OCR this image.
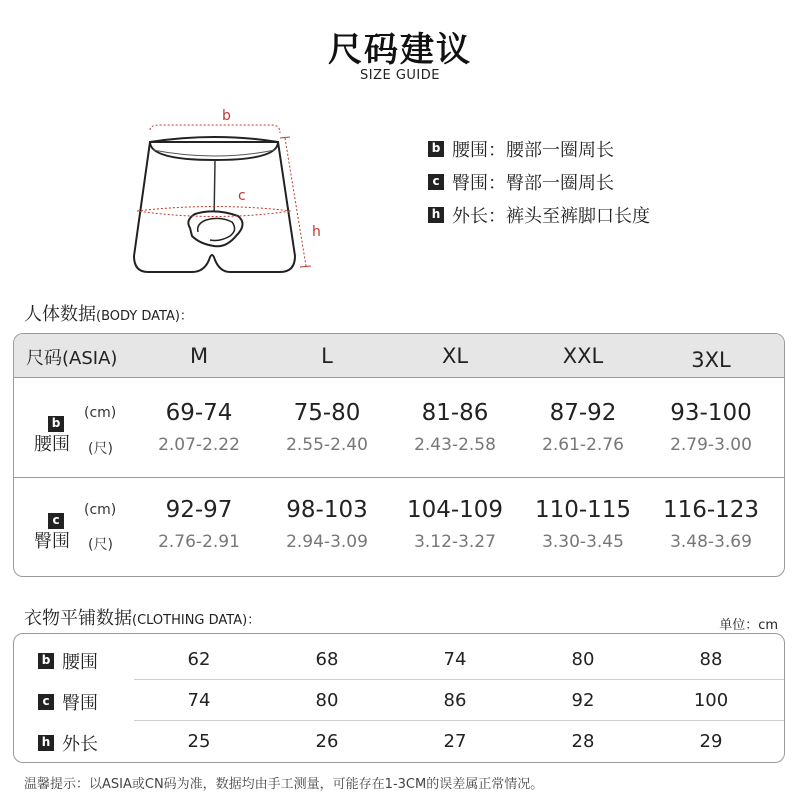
尺码建议
SIZE GUIDE
b
c
h
b 腰围：腰部一圈周长
c 臀围：臀部一圈周长
h 外长：裤头至裤脚口长度
人体数据(BODY DATA)：
尺码(ASIA)	M	L	XL	XXL	3XL
b
腰围
(cm)
(尺)
69-74	75-80	81-86	87-92	93-100
2.07-2.22	2.55-2.40	2.43-2.58	2.61-2.76	2.79-3.00
c
臀围
(cm)
(尺)
92-97	98-103	104-109	110-115	116-123
2.76-2.91	2.94-3.09	3.12-3.27	3.30-3.45	3.48-3.69
衣物平铺数据(CLOTHING DATA)：	单位：cm
b 腰围	62	68	74	80	88
c 臀围	74	80	86	92	100
h 外长	25	26	27	28	29
温馨提示：以ASIA或CN码为准，数据均由手工测量，可能存在1-3CM的误差属正常情况。
